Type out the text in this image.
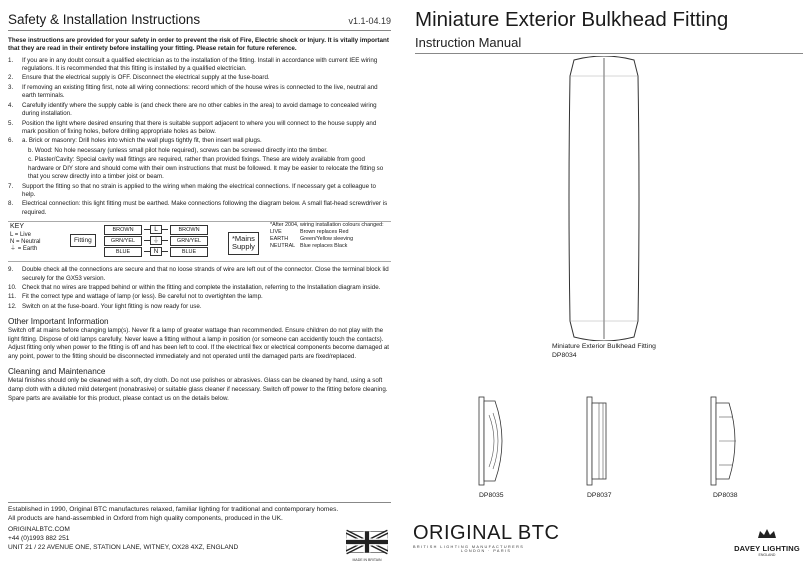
Safety & Installation Instructions	v1.1-04.19
These instructions are provided for your safety in order to prevent the risk of Fire, Electric shock or Injury. It is vitally important that they are read in their entirety before installing your fitting. Please retain for future reference.
1.	If you are in any doubt consult a qualified electrician as to the installation of the fitting. Install in accordance with current IEE wiring regulations. It is recommended that this fitting is installed by a qualified electrician.
2.	Ensure that the electrical supply is OFF. Disconnect the electrical supply at the fuse-board.
3.	If removing an existing fitting first, note all wiring connections: record which of the house wires is connected to the live, neutral and earth terminals.
4.	Carefully identify where the supply cable is (and check there are no other cables in the area) to avoid damage to concealed wiring during installation.
5.	Position the light where desired ensuring that there is suitable support adjacent to where you will connect to the house supply and mark position of fixing holes, before drilling appropriate holes as below.
6.	a. Brick or masonry: Drill holes into which the wall plugs tightly fit, then insert wall plugs.
b. Wood: No hole necessary (unless small pilot hole required), screws can be screwed directly into the timber.
c. Plaster/Cavity: Special cavity wall fittings are required, rather than provided fixings. These are widely available from good hardware or DIY store and should come with their own instructions that must be followed. It may be easier to relocate the fitting so that you screw directly into a timber joist or beam.
7.	Support the fitting so that no strain is applied to the wiring when making the electrical connections. If necessary get a colleague to help.
8.	Electrical connection: this light fitting must be earthed. Make connections following the diagram below. A small flat-head screwdriver is required.
KEY
L = Live
N = Neutral
⏚ = Earth
Fitting
BROWN	L	BROWN
GRN/YEL	⏚	GRN/YEL
BLUE	N	BLUE
*Mains
Supply
*After 2004, wiring installation colours changed:
LIVE	Brown replaces Red
EARTH	Green/Yellow sleeving
NEUTRAL Blue replaces Black
9.	Double check all the connections are secure and that no loose strands of wire are left out of the connector. Close the terminal block lid securely for the GX53 version.
10. Check that no wires are trapped behind or within the fitting and complete the installation, referring to the Installation diagram inside.
11. Fit the correct type and wattage of lamp (or less). Be careful not to overtighten the lamp.
12. Switch on at the fuse-board. Your light fitting is now ready for use.
Other Important Information
Switch off at mains before changing lamp(s). Never fit a lamp of greater wattage than recommended. Ensure children do not play with the light fitting. Dispose of old lamps carefully. Never leave a fitting without a lamp in position (or someone can accidently touch the contacts). Adjust fitting only when power to the fitting is off and has been left to cool. If the electrical flex or electrical components become damaged at any point, power to the fitting should be disconnected immediately and not operated until the damaged parts are fixed/replaced.
Cleaning and Maintenance
Metal finishes should only be cleaned with a soft, dry cloth. Do not use polishes or abrasives. Glass can be cleaned by hand, using a soft damp cloth with a diluted mild detergent (nonabrasive) or suitable glass cleaner if necessary. Switch off power to the fitting before cleaning. Spare parts are available for this product, please contact us on the details below.
Established in 1990, Original BTC manufactures relaxed, familiar lighting for traditional and contemporary homes.
All products are hand-assembled in Oxford from high quality components, produced in the UK.
ORIGINALBTC.COM
+44 (0)1993 882 251
UNIT 21 / 22 AVENUE ONE, STATION LANE, WITNEY, OX28 4XZ, ENGLAND
MADE IN BRITAIN
Miniature Exterior Bulkhead Fitting
Instruction Manual
Miniature Exterior Bulkhead Fitting
DP8034
DP8035	DP8037	DP8038
ORIGINAL BTC
BRITISH LIGHTING MANUFACTURERS
LONDON · PARIS	DAVEY LIGHTING
ENGLAND
